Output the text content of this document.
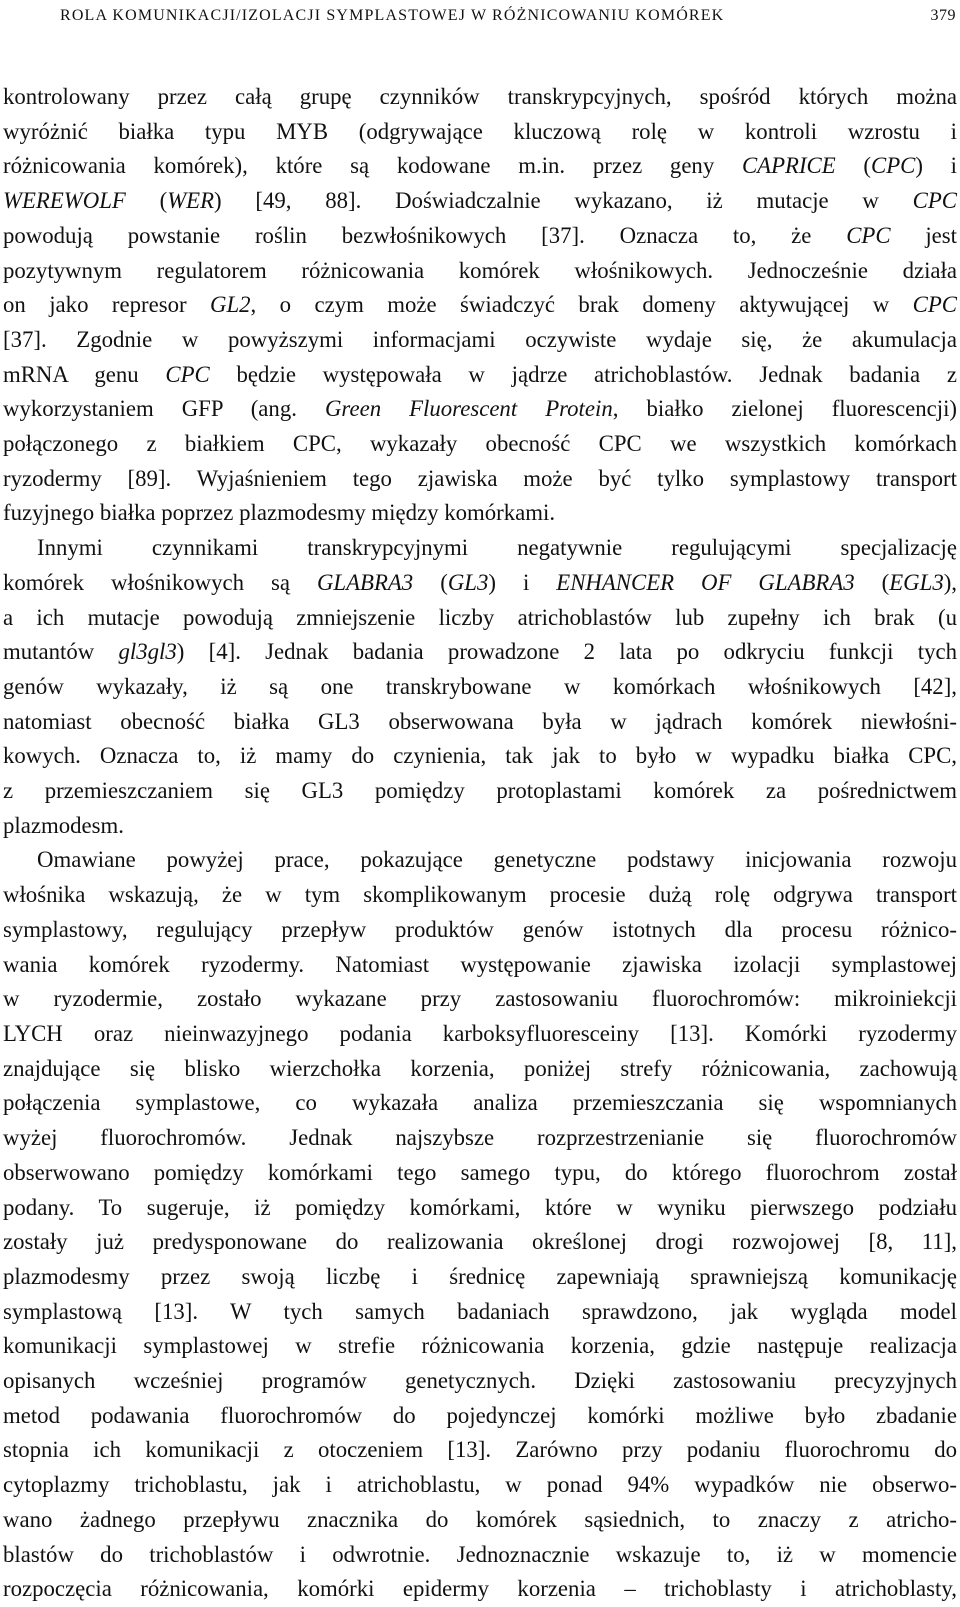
ROLA KOMUNIKACJI/IZOLACJI SYMPLASTOWEJ W RÓŻNICOWANIU KOMÓREK	379
kontrolowany przez całą grupę czynników transkrypcyjnych, spośród których można
wyróżnić białka typu MYB (odgrywające kluczową rolę w kontroli wzrostu i
różnicowania komórek), które są kodowane m.in. przez geny CAPRICE (CPC) i
WEREWOLF (WER) [49, 88]. Doświadczalnie wykazano, iż mutacje w CPC
powodują powstanie roślin bezwłośnikowych [37]. Oznacza to, że CPC jest
pozytywnym regulatorem różnicowania komórek włośnikowych. Jednocześnie działa
on jako represor GL2, o czym może świadczyć brak domeny aktywującej w CPC
[37]. Zgodnie w powyższymi informacjami oczywiste wydaje się, że akumulacja
mRNA genu CPC będzie występowała w jądrze atrichoblastów. Jednak badania z
wykorzystaniem GFP (ang. Green Fluorescent Protein, białko zielonej fluorescencji)
połączonego z białkiem CPC, wykazały obecność CPC we wszystkich komórkach
ryzodermy [89]. Wyjaśnieniem tego zjawiska może być tylko symplastowy transport
fuzyjnego białka poprzez plazmodesmy między komórkami.
Innymi czynnikami transkrypcyjnymi negatywnie regulującymi specjalizację
komórek włośnikowych są GLABRA3 (GL3) i ENHANCER OF GLABRA3 (EGL3),
a ich mutacje powodują zmniejszenie liczby atrichoblastów lub zupełny ich brak (u
mutantów gl3gl3) [4]. Jednak badania prowadzone 2 lata po odkryciu funkcji tych
genów wykazały, iż są one transkrybowane w komórkach włośnikowych [42],
natomiast obecność białka GL3 obserwowana była w jądrach komórek niewłośni-
kowych. Oznacza to, iż mamy do czynienia, tak jak to było w wypadku białka CPC,
z przemieszczaniem się GL3 pomiędzy protoplastami komórek za pośrednictwem
plazmodesm.
Omawiane powyżej prace, pokazujące genetyczne podstawy inicjowania rozwoju
włośnika wskazują, że w tym skomplikowanym procesie dużą rolę odgrywa transport
symplastowy, regulujący przepływ produktów genów istotnych dla procesu różnico-
wania komórek ryzodermy. Natomiast występowanie zjawiska izolacji symplastowej
w ryzodermie, zostało wykazane przy zastosowaniu fluorochromów: mikroiniekcji
LYCH oraz nieinwazyjnego podania karboksyfluoresceiny [13]. Komórki ryzodermy
znajdujące się blisko wierzchołka korzenia, poniżej strefy różnicowania, zachowują
połączenia symplastowe, co wykazała analiza przemieszczania się wspomnianych
wyżej fluorochromów. Jednak najszybsze rozprzestrzenianie się fluorochromów
obserwowano pomiędzy komórkami tego samego typu, do którego fluorochrom został
podany. To sugeruje, iż pomiędzy komórkami, które w wyniku pierwszego podziału
zostały już predysponowane do realizowania określonej drogi rozwojowej [8, 11],
plazmodesmy przez swoją liczbę i średnicę zapewniają sprawniejszą komunikację
symplastową [13]. W tych samych badaniach sprawdzono, jak wygląda model
komunikacji symplastowej w strefie różnicowania korzenia, gdzie następuje realizacja
opisanych wcześniej programów genetycznych. Dzięki zastosowaniu precyzyjnych
metod podawania fluorochromów do pojedynczej komórki możliwe było zbadanie
stopnia ich komunikacji z otoczeniem [13]. Zarówno przy podaniu fluorochromu do
cytoplazmy trichoblastu, jak i atrichoblastu, w ponad 94% wypadków nie obserwo-
wano żadnego przepływu znacznika do komórek sąsiednich, to znaczy z atricho-
blastów do trichoblastów i odwrotnie. Jednoznacznie wskazuje to, iż w momencie
rozpoczęcia różnicowania, komórki epidermy korzenia – trichoblasty i atrichoblasty,
